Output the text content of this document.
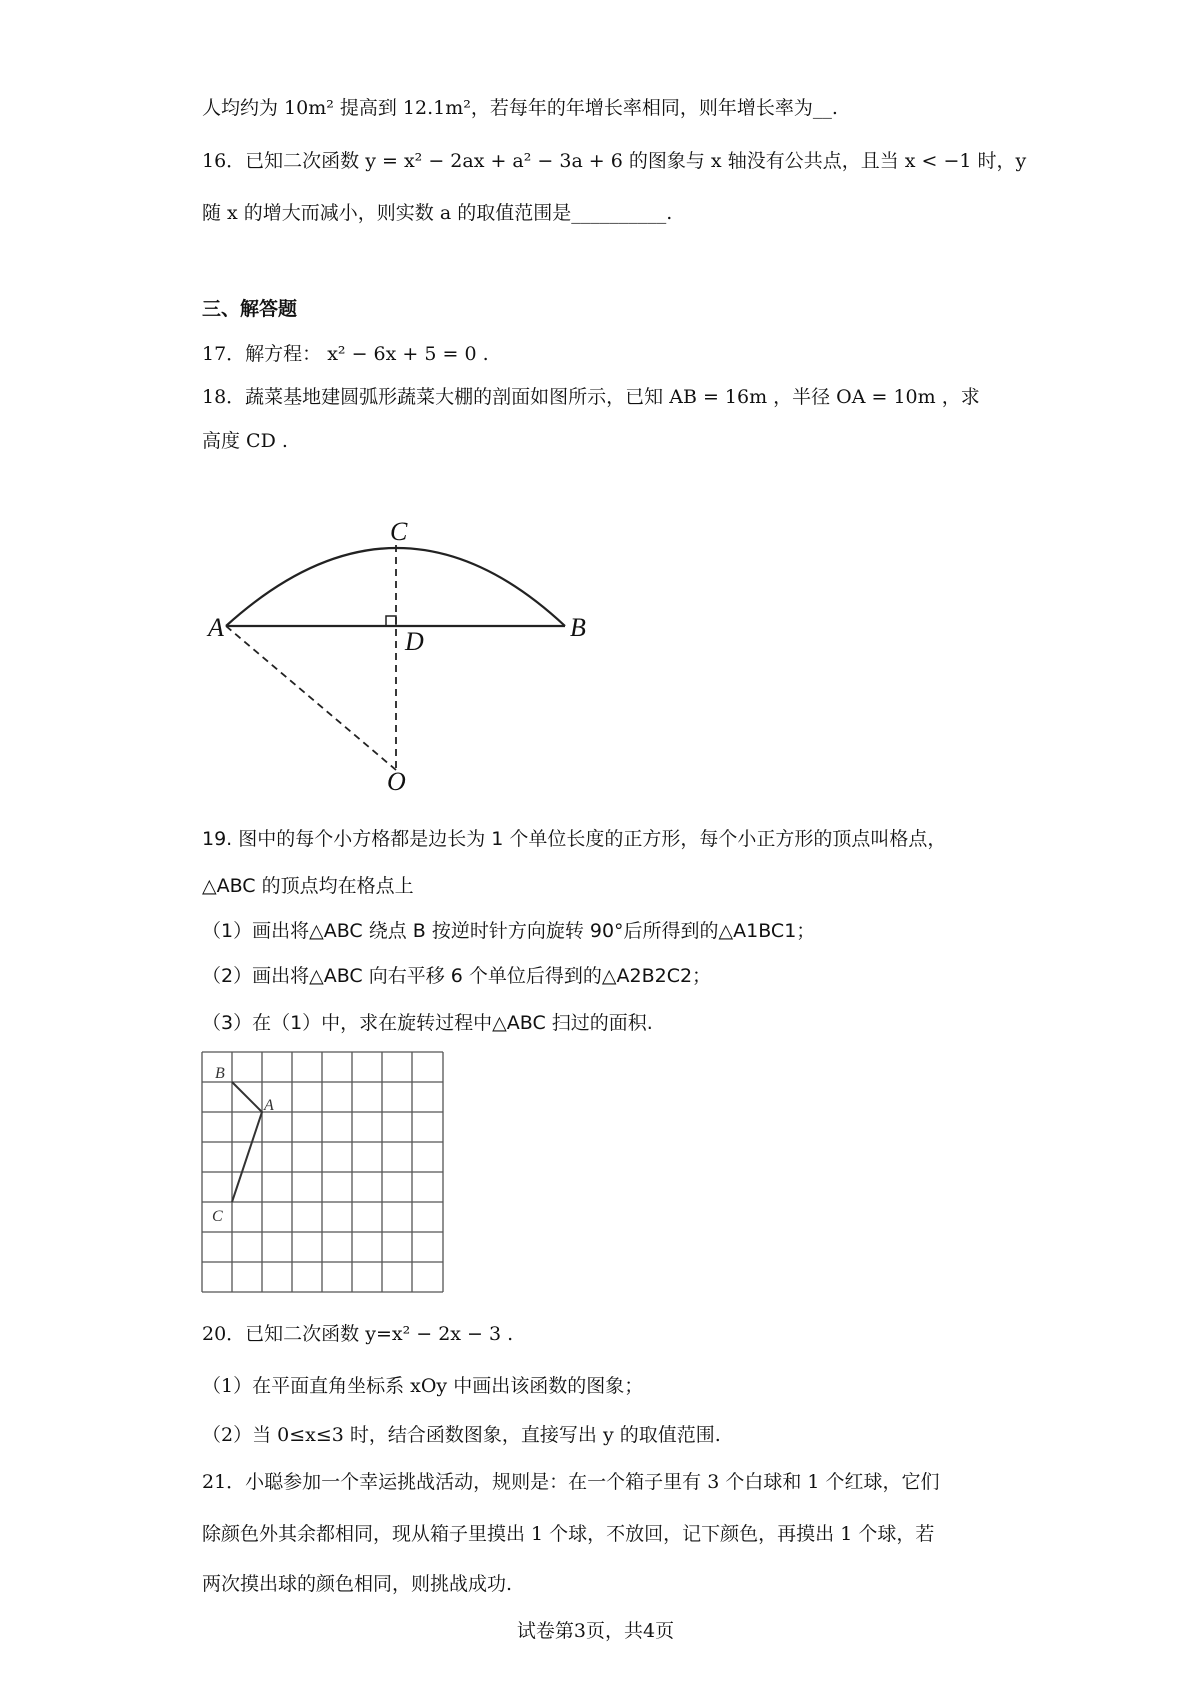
人均约为 10m² 提高到 12.1m²，若每年的年增长率相同，则年增长率为__.
16．已知二次函数 y = x² − 2ax + a² − 3a + 6 的图象与 x 轴没有公共点，且当 x < −1 时，y
随 x 的增大而减小，则实数 a 的取值范围是__________.
三、解答题
17．解方程： x² − 6x + 5 = 0 .
18．蔬菜基地建圆弧形蔬菜大棚的剖面如图所示，已知 AB = 16m ，半径 OA = 10m ，求
高度 CD .
A	B
C
D
O
19. 图中的每个小方格都是边长为 1 个单位长度的正方形，每个小正方形的顶点叫格点，
△ABC 的顶点均在格点上
（1）画出将△ABC 绕点 B 按逆时针方向旋转 90°后所得到的△A1BC1；
（2）画出将△ABC 向右平移 6 个单位后得到的△A2B2C2；
（3）在（1）中，求在旋转过程中△ABC 扫过的面积.
B
A
C
20．已知二次函数 y=x² − 2x − 3 .
（1）在平面直角坐标系 xOy 中画出该函数的图象；
（2）当 0≤x≤3 时，结合函数图象，直接写出 y 的取值范围.
21．小聪参加一个幸运挑战活动，规则是：在一个箱子里有 3 个白球和 1 个红球，它们
除颜色外其余都相同，现从箱子里摸出 1 个球，不放回，记下颜色，再摸出 1 个球，若
两次摸出球的颜色相同，则挑战成功.
试卷第3页，共4页
